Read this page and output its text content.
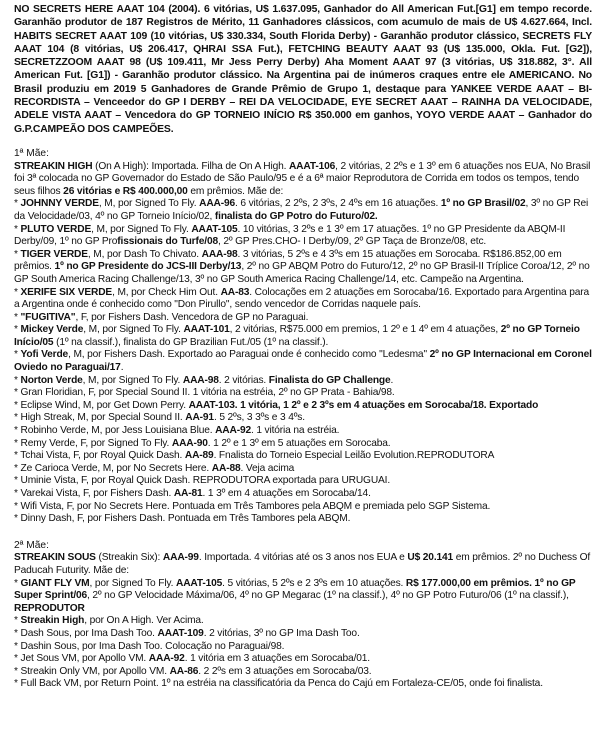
NO SECRETS HERE AAAT 104 (2004). 6 vitórias, U$ 1.637.095, Ganhador do All American Fut.[G1] em tempo recorde. Garanhão produtor de 187 Registros de Mérito, 11 Ganhadores clássicos, com acumulo de mais de U$ 4.627.664, Incl. HABITS SECRET AAAT 109 (10 vitórias, U$ 330.334, South Florida Derby) - Garanhão produtor clássico, SECRETS FLY AAAT 104 (8 vitórias, U$ 206.417, QHRAI SSA Fut.), FETCHING BEAUTY AAAT 93 (U$ 135.000, Okla. Fut. [G2]), SECRETZZOOM AAAT 98 (U$ 109.411, Mr Jess Perry Derby) Aha Moment AAAT 97 (3 vitórias, U$ 318.882, 3°. All American Fut. [G1]) - Garanhão produtor clássico. Na Argentina pai de inúmeros craques entre ele AMERICANO. No Brasil produziu em 2019 5 Ganhadores de Grande Prêmio de Grupo 1, destaque para YANKEE VERDE AAAT – BI-RECORDISTA – Venceedor do GP I DERBY – REI DA VELOCIDADE, EYE SECRET AAAT – RAINHA DA VELOCIDADE, ADELE VISTA AAAT – Vencedora do GP TORNEIO INÍCIO R$ 350.000 em ganhos, YOYO VERDE AAAT – Ganhador do G.P.CAMPEÃO DOS CAMPEÕES.

1ª Mãe:

STREAKIN HIGH (On A High): Importada. Filha de On A High. AAAT-106, 2 vitórias, 2 2ºs e 1 3º em 6 atuações nos EUA, No Brasil foi 3ª colocada no GP Governador do Estado de São Paulo/95 e é a 6ª maior Reprodutora de Corrida em todos os tempos, tendo seus filhos 26 vitórias e R$ 400.000,00 em prêmios. Mãe de:

* JOHNNY VERDE, M, por Signed To Fly. AAA-96. 6 vitórias, 2 2ºs, 2 3ºs, 2 4ºs em 16 atuações. 1º no GP Brasil/02, 3º no GP Rei da Velocidade/03, 4º no GP Torneio Início/02, finalista do GP Potro do Futuro/02.

* PLUTO VERDE, M, por Signed To Fly. AAAT-105. 10 vitórias, 3 2ºs e 1 3º em 17 atuações. 1º no GP Presidente da ABQM-II Derby/09, 1º no GP Profissionais do Turfe/08, 2º GP Pres.CHO- I Derby/09, 2º GP Taça de Bronze/08, etc.

* TIGER VERDE, M, por Dash To Chivato. AAA-98. 3 vitórias, 5 2ºs e 4 3ºs em 15 atuações em Sorocaba. R$186.852,00 em prêmios. 1º no GP Presidente do JCS-III Derby/13, 2º no GP ABQM Potro do Futuro/12, 2º no GP Brasil-II Tríplice Coroa/12, 2º no GP South America Racing Challenge/13, 3º no GP South America Racing Challenge/14, etc. Campeão na Argentina.

* XERIFE SIX VERDE, M, por Check Him Out. AA-83. Colocações em 2 atuações em Sorocaba/16. Exportado para Argentina para a Argentina onde é conhecido como "Don Pirullo", sendo vencedor de Corridas naquele país.

* "FUGITIVA", F, por Fishers Dash. Vencedora de GP no Paraguai.

* Mickey Verde, M, por Signed To Fly. AAAT-101, 2 vitórias, R$75.000 em premios, 1 2º e 1 4º em 4 atuações, 2º no GP Torneio Início/05 (1º na classif.), finalista do GP Brazilian Fut./05 (1º na classif.).

* Yofi Verde, M, por Fishers Dash. Exportado ao Paraguai onde é conhecido como "Ledesma" 2º no GP Internacional em Coronel Oviedo no Paraguai/17.

* Norton Verde, M, por Signed To Fly. AAA-98. 2 vitórias. Finalista do GP Challenge.

* Gran Floridian, F, por Special Sound II. 1 vitória na estréia, 2º no GP Prata - Bahia/98.

* Eclipse Wind, M, por Get Down Perry. AAAT-103. 1 vitória, 1 2º e 2 3ºs em 4 atuações em Sorocaba/18. Exportado

* High Streak, M, por Special Sound II. AA-91. 5 2ºs, 3 3ºs e 3 4ºs.

* Robinho Verde, M, por Jess Louisiana Blue. AAA-92. 1 vitória na estréia.

* Remy Verde, F, por Signed To Fly. AAA-90. 1 2º e 1 3º em 5 atuações em Sorocaba.

* Tchai Vista, F, por Royal Quick Dash. AA-89. Fnalista do Torneio Especial Leilão Evolution.REPRODUTORA

* Ze Carioca Verde, M, por No Secrets Here. AA-88. Veja acima

* Uminie Vista, F, por Royal Quick Dash. REPRODUTORA exportada para URUGUAI.

* Varekai Vista, F, por Fishers Dash. AA-81. 1 3º em 4 atuações em Sorocaba/14.

* Wifi Vista, F, por No Secrets Here. Pontuada em Três Tambores pela ABQM e premiada pelo SGP Sistema.

* Dinny Dash, F, por Fishers Dash. Pontuada em Três Tambores pela ABQM.

2ª Mãe:

STREAKIN SOUS (Streakin Six): AAA-99. Importada. 4 vitórias até os 3 anos nos EUA e U$ 20.141 em prêmios. 2º no Duchess Of Paducah Futurity. Mãe de:

* GIANT FLY VM, por Signed To Fly. AAAT-105. 5 vitórias, 5 2ºs e 2 3ºs em 10 atuações. R$ 177.000,00 em prêmios. 1º no GP Super Sprint/06, 2º no GP Velocidade Máxima/06, 4º no GP Megarac (1º na classif.), 4º no GP Potro Futuro/06 (1º na classif.), REPRODUTOR

* Streakin High, por On A High. Ver Acima.

* Dash Sous, por Ima Dash Too. AAAT-109. 2 vitórias, 3º no GP Ima Dash Too.

* Dashin Sous, por Ima Dash Too. Colocação no Paraguai/98.

* Jet Sous VM, por Apollo VM. AAA-92. 1 vitória em 3 atuações em Sorocaba/01.

* Streakin Only VM, por Apollo VM. AA-86. 2 2ºs em 3 atuações em Sorocaba/03.

* Full Back VM, por Return Point. 1º na estréia na classificatória da Penca do Cajú em Fortaleza-CE/05, onde foi finalista.
